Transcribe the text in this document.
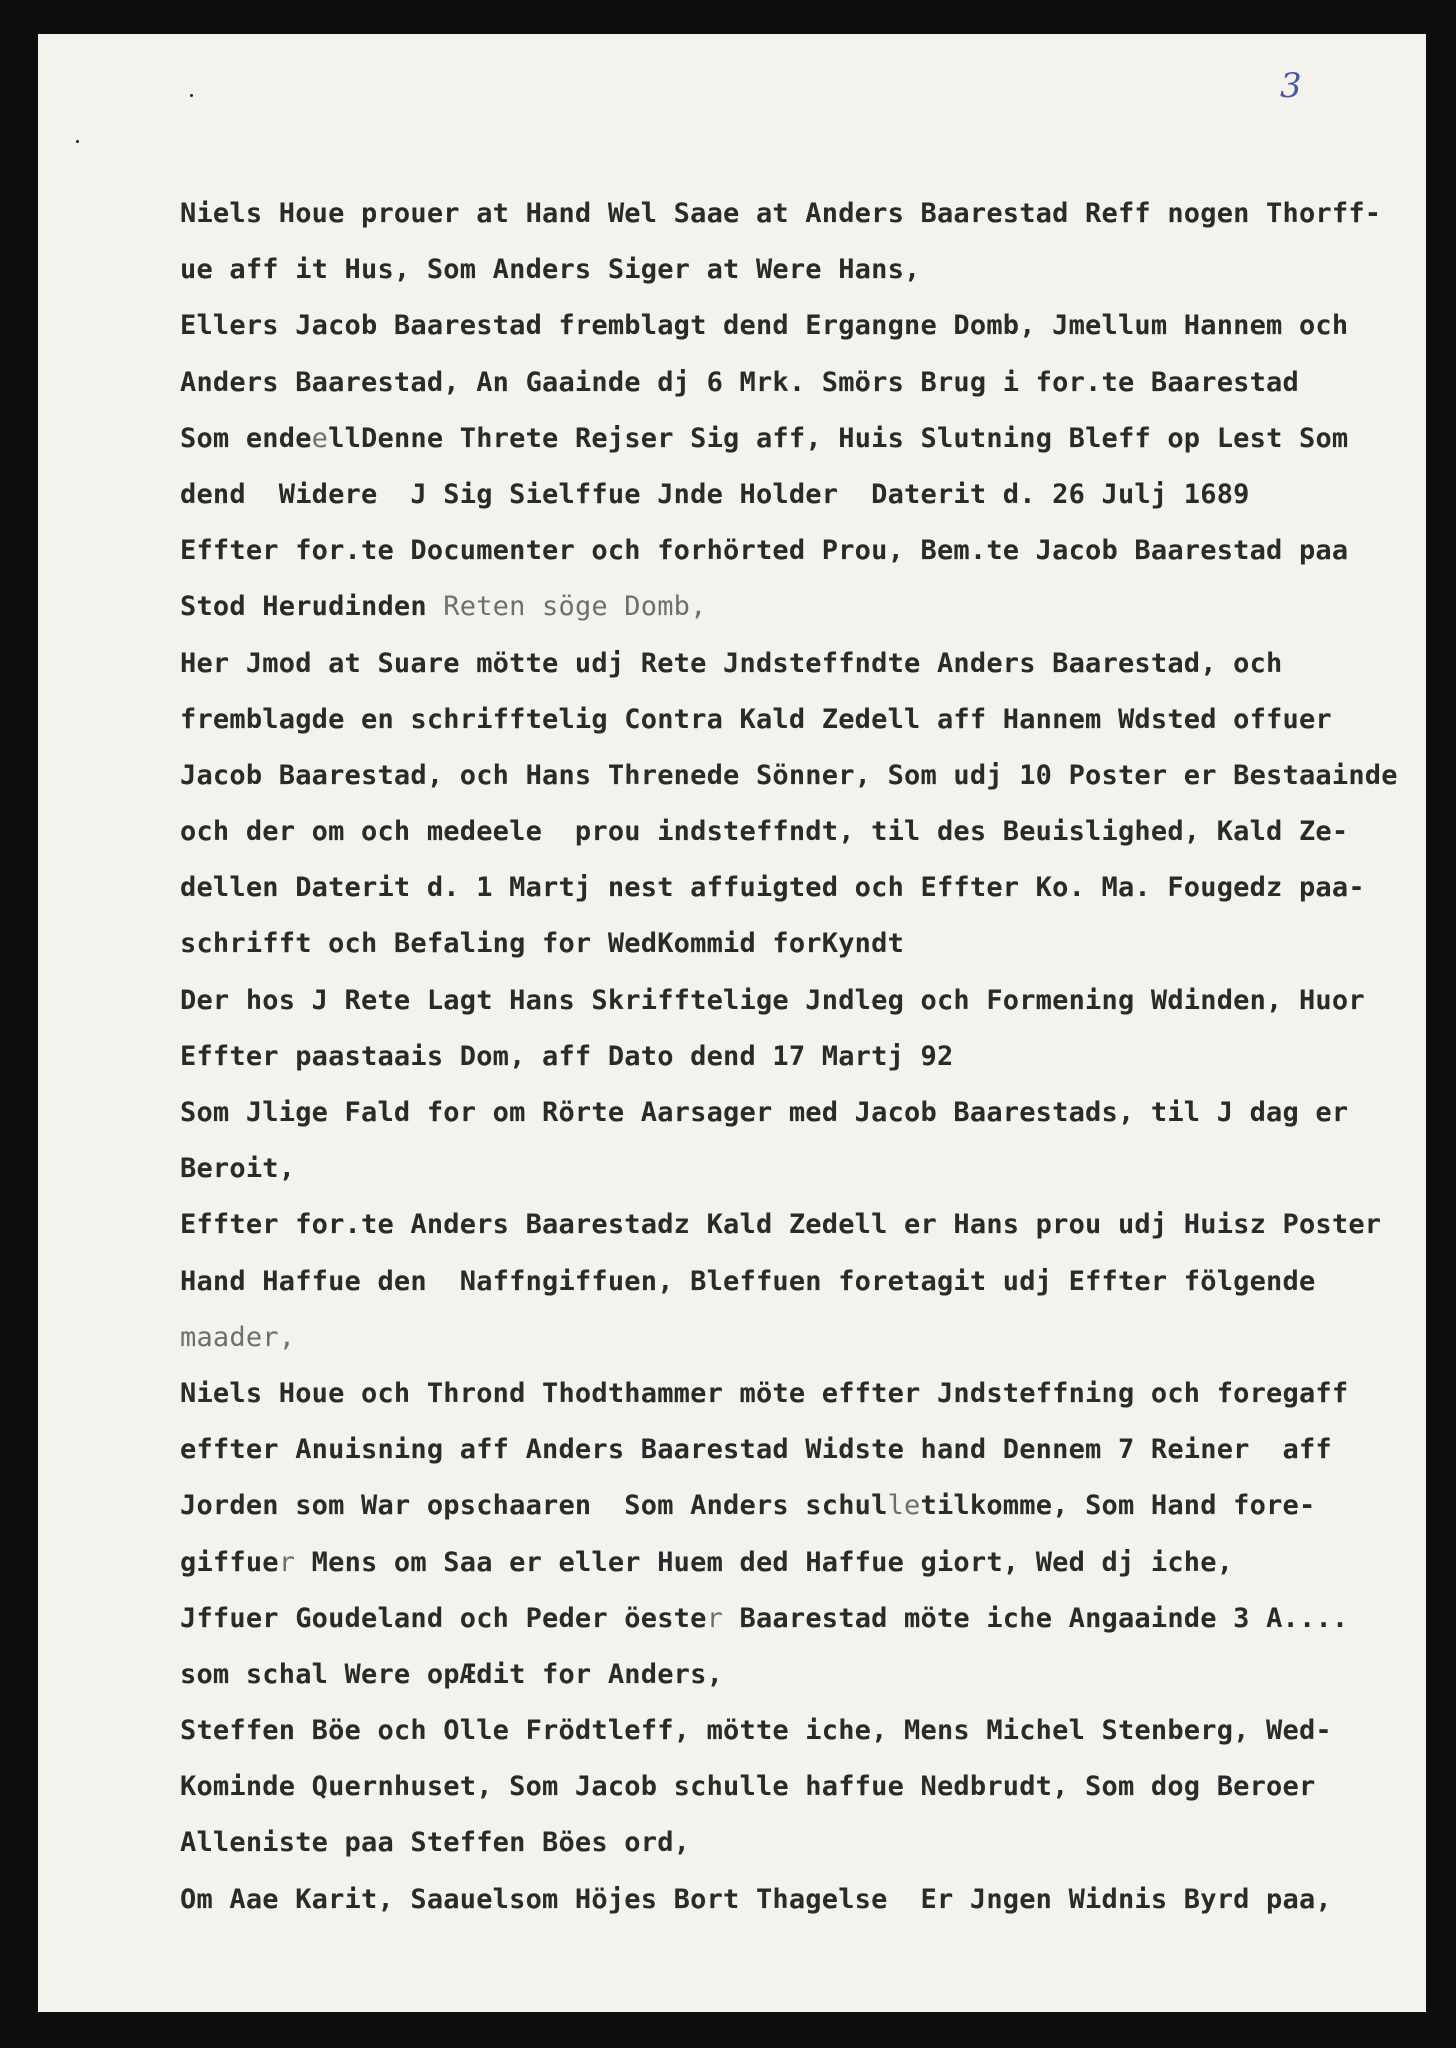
3
Niels Houe prouer at Hand Wel Saae at Anders Baarestad Reff nogen Thorff-
ue aff it Hus, Som Anders Siger at Were Hans,
Ellers Jacob Baarestad fremblagt dend Ergangne Domb, Jmellum Hannem och
Anders Baarestad, An Gaainde dj 6 Mrk. Smörs Brug i for.te Baarestad
Som endeellDenne Threte Rejser Sig aff, Huis Slutning Bleff op Lest Som
dend  Widere  J Sig Sielffue Jnde Holder  Daterit d. 26 Julj 1689
Effter for.te Documenter och forhörted Prou, Bem.te Jacob Baarestad paa
Stod Herudinden Reten söge Domb,
Her Jmod at Suare mötte udj Rete Jndsteffndte Anders Baarestad, och
fremblagde en schrifftelig Contra Kald Zedell aff Hannem Wdsted offuer
Jacob Baarestad, och Hans Threnede Sönner, Som udj 10 Poster er Bestaainde
och der om och medeele  prou indsteffndt, til des Beuislighed, Kald Ze-
dellen Daterit d. 1 Martj nest affuigted och Effter Ko. Ma. Fougedz paa-
schrifft och Befaling for WedKommid forKyndt
Der hos J Rete Lagt Hans Skrifftelige Jndleg och Formening Wdinden, Huor
Effter paastaais Dom, aff Dato dend 17 Martj 92
Som Jlige Fald for om Rörte Aarsager med Jacob Baarestads, til J dag er
Beroit,
Effter for.te Anders Baarestadz Kald Zedell er Hans prou udj Huisz Poster
Hand Haffue den  Naffngiffuen, Bleffuen foretagit udj Effter fölgende
maader,
Niels Houe och Thrond Thodthammer möte effter Jndsteffning och foregaff
effter Anuisning aff Anders Baarestad Widste hand Dennem 7 Reiner  aff
Jorden som War opschaaren  Som Anders schulletilkomme, Som Hand fore-
giffuer Mens om Saa er eller Huem ded Haffue giort, Wed dj iche,
Jffuer Goudeland och Peder öester Baarestad möte iche Angaainde 3 A....
som schal Were opÆdit for Anders,
Steffen Böe och Olle Frödtleff, mötte iche, Mens Michel Stenberg, Wed-
Kominde Quernhuset, Som Jacob schulle haffue Nedbrudt, Som dog Beroer
Alleniste paa Steffen Böes ord,
Om Aae Karit, Saauelsom Höjes Bort Thagelse  Er Jngen Widnis Byrd paa,
